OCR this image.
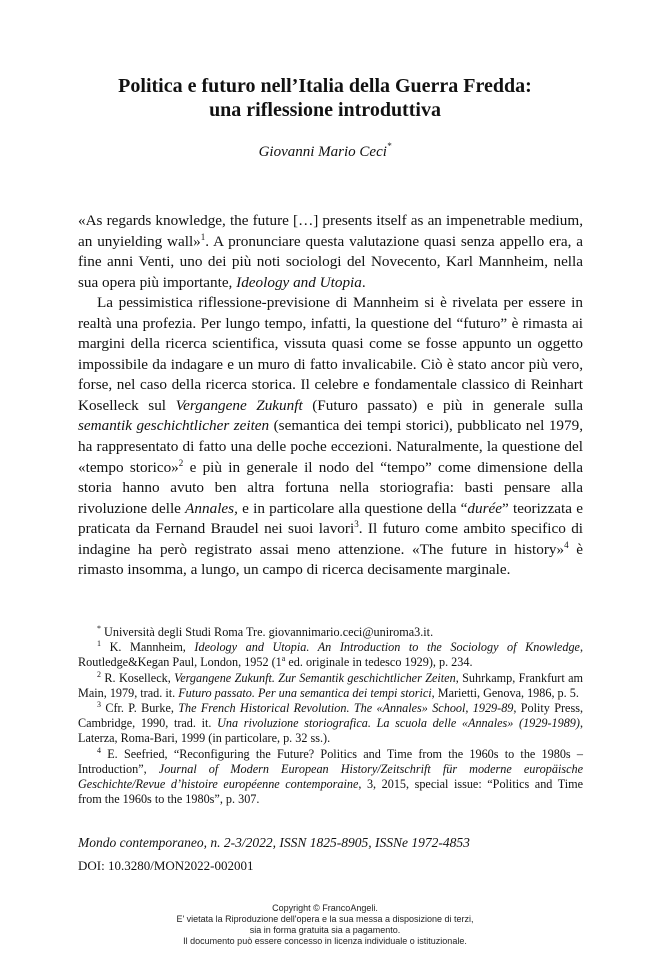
Politica e futuro nell’Italia della Guerra Fredda:
una riflessione introduttiva
Giovanni Mario Ceci*

«As regards knowledge, the future […] presents itself as an impenetrable medium, an unyielding wall»$^1$. A pronunciare questa valutazione quasi senza appello era, a fine anni Venti, uno dei più noti sociologi del Novecento, Karl Mannheim, nella sua opera più importante, Ideology and Utopia.

La pessimistica riflessione-previsione di Mannheim si è rivelata per essere in realtà una profezia. Per lungo tempo, infatti, la questione del “futuro” è rimasta ai margini della ricerca scientifica, vissuta quasi come se fosse appunto un oggetto impossibile da indagare e un muro di fatto invalicabile. Ciò è stato ancor più vero, forse, nel caso della ricerca storica. Il celebre e fondamentale classico di Reinhart Koselleck sul Vergangene Zukunft (Futuro passato) e più in generale sulla semantik geschichtlicher zeiten (semantica dei tempi storici), pubblicato nel 1979, ha rappresentato di fatto una delle poche eccezioni. Naturalmente, la questione del «tempo storico»$^2$ e più in generale il nodo del “tempo” come dimensione della storia hanno avuto ben altra fortuna nella storiografia: basti pensare alla rivoluzione delle Annales, e in particolare alla questione della “durée” teorizzata e praticata da Fernand Braudel nei suoi lavori$^3$. Il futuro come ambito specifico di indagine ha però registrato assai meno attenzione. «The future in history»$^4$ è rimasto insomma, a lungo, un campo di ricerca decisamente marginale.

* Università degli Studi Roma Tre. giovannimario.ceci@uniroma3.it.

$^1$ K. Mannheim, Ideology and Utopia. An Introduction to the Sociology of Knowledge, Routledge&Kegan Paul, London, 1952 (1$^a$ ed. originale in tedesco 1929), p. 234.

$^2$ R. Koselleck, Vergangene Zukunft. Zur Semantik geschichtlicher Zeiten, Suhrkamp, Frankfurt am Main, 1979, trad. it. Futuro passato. Per una semantica dei tempi storici, Marietti, Genova, 1986, p. 5.

$^3$ Cfr. P. Burke, The French Historical Revolution. The «Annales» School, 1929-89, Polity Press, Cambridge, 1990, trad. it. Una rivoluzione storiografica. La scuola delle «Annales» (1929-1989), Laterza, Roma-Bari, 1999 (in particolare, p. 32 ss.).

$^4$ E. Seefried, “Reconfiguring the Future? Politics and Time from the 1960s to the 1980s – Introduction”, Journal of Modern European History/Zeitschrift für moderne europäische Geschichte/Revue d’histoire européenne contemporaine, 3, 2015, special issue: “Politics and Time from the 1960s to the 1980s”, p. 307.

Mondo contemporaneo, n. 2-3/2022, ISSN 1825-8905, ISSNe 1972-4853
DOI: 10.3280/MON2022-002001
Copyright © FrancoAngeli.
E' vietata la Riproduzione dell'opera e la sua messa a disposizione di terzi,
sia in forma gratuita sia a pagamento.
Il documento può essere concesso in licenza individuale o istituzionale.
